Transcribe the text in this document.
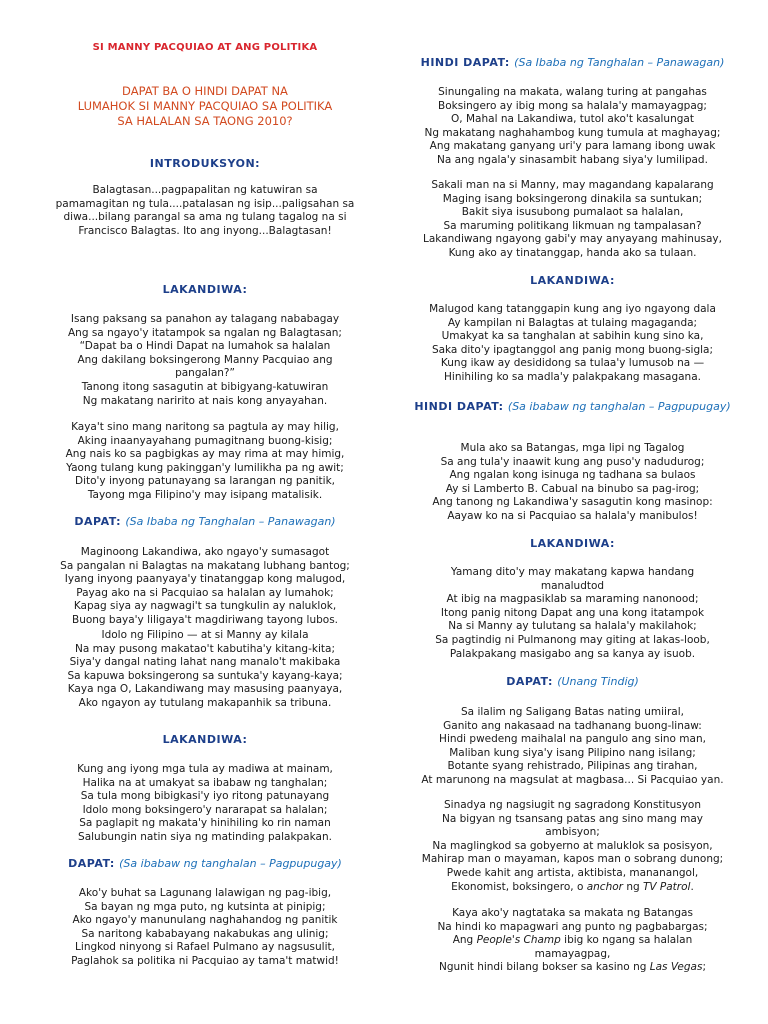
SI MANNY PACQUIAO AT ANG POLITIKA
DAPAT BA O HINDI DAPAT NA
LUMAHOK SI MANNY PACQUIAO SA POLITIKA
SA HALALAN SA TAONG 2010?
INTRODUKSYON:
Balagtasan...pagpapalitan ng katuwiran sa
pamamagitan ng tula....patalasan ng isip...paligsahan sa
diwa...bilang parangal sa ama ng tulang tagalog na si
Francisco Balagtas. Ito ang inyong...Balagtasan!
LAKANDIWA:
Isang paksang sa panahon ay talagang nababagay
Ang sa ngayo'y itatampok sa ngalan ng Balagtasan;
“Dapat ba o Hindi Dapat na lumahok sa halalan
Ang dakilang boksingerong Manny Pacquiao ang
pangalan?”
Tanong itong sasagutin at bibigyang-katuwiran
Ng makatang naririto at nais kong anyayahan.
Kaya't sino mang naritong sa pagtula ay may hilig,
Aking inaanyayahang pumagitnang buong-kisig;
Ang nais ko sa pagbigkas ay may rima at may himig,
Yaong tulang kung pakinggan'y lumilikha pa ng awit;
Dito'y inyong patunayang sa larangan ng panitik,
Tayong mga Filipino'y may isipang matalisik.
DAPAT: (Sa Ibaba ng Tanghalan – Panawagan)
Maginoong Lakandiwa, ako ngayo'y sumasagot
Sa pangalan ni Balagtas na makatang lubhang bantog;
Iyang inyong paanyaya'y tinatanggap kong malugod,
Payag ako na si Pacquiao sa halalan ay lumahok;
Kapag siya ay nagwagi't sa tungkulin ay naluklok,
Buong baya'y liligaya't magdiriwang tayong lubos.
Idolo ng Filipino — at si Manny ay kilala
Na may pusong makatao't kabutiha'y kitang-kita;
Siya'y dangal nating lahat nang manalo't makibaka
Sa kapuwa boksingerong sa suntuka'y kayang-kaya;
Kaya nga O, Lakandiwang may masusing paanyaya,
Ako ngayon ay tutulang makapanhik sa tribuna.
LAKANDIWA:
Kung ang iyong mga tula ay madiwa at mainam,
Halika na at umakyat sa ibabaw ng tanghalan;
Sa tula mong bibigkasi'y iyo ritong patunayang
Idolo mong boksingero'y nararapat sa halalan;
Sa paglapit ng makata'y hinihiling ko rin naman
Salubungin natin siya ng matinding palakpakan.
DAPAT: (Sa ibabaw ng tanghalan – Pagpupugay)
Ako'y buhat sa Lagunang lalawigan ng pag-ibig,
Sa bayan ng mga puto, ng kutsinta at pinipig;
Ako ngayo'y manunulang naghahandog ng panitik
Sa naritong kababayang nakabukas ang ulinig;
Lingkod ninyong si Rafael Pulmano ay nagsusulit,
Paglahok sa politika ni Pacquiao ay tama't matwid!
HINDI DAPAT: (Sa Ibaba ng Tanghalan – Panawagan)
Sinungaling na makata, walang turing at pangahas
Boksingero ay ibig mong sa halala'y mamayagpag;
O, Mahal na Lakandiwa, tutol ako't kasalungat
Ng makatang naghahambog kung tumula at maghayag;
Ang makatang ganyang uri'y para lamang ibong uwak
Na ang ngala'y sinasambit habang siya'y lumilipad.
Sakali man na si Manny, may magandang kapalarang
Maging isang boksingerong dinakila sa suntukan;
Bakit siya isusubong pumalaot sa halalan,
Sa maruming politikang likmuan ng tampalasan?
Lakandiwang ngayong gabi'y may anyayang mahinusay,
Kung ako ay tinatanggap, handa ako sa tulaan.
LAKANDIWA:
Malugod kang tatanggapin kung ang iyo ngayong dala
Ay kampilan ni Balagtas at tulaing magaganda;
Umakyat ka sa tanghalan at sabihin kung sino ka,
Saka dito'y ipagtanggol ang panig mong buong-sigla;
Kung ikaw ay desididong sa tulaa'y lumusob na —
Hinihiling ko sa madla'y palakpakang masagana.
HINDI DAPAT: (Sa ibabaw ng tanghalan – Pagpupugay)
Mula ako sa Batangas, mga lipi ng Tagalog
Sa ang tula'y inaawit kung ang puso'y nadudurog;
Ang ngalan kong isinuga ng tadhana sa bulaos
Ay si Lamberto B. Cabual na binubo sa pag-irog;
Ang tanong ng Lakandiwa'y sasagutin kong masinop:
Aayaw ko na si Pacquiao sa halala'y manibulos!
LAKANDIWA:
Yamang dito'y may makatang kapwa handang
manaludtod
At ibig na magpasiklab sa maraming nanonood;
Itong panig nitong Dapat ang una kong itatampok
Na si Manny ay tulutang sa halala'y makilahok;
Sa pagtindig ni Pulmanong may giting at lakas-loob,
Palakpakang masigabo ang sa kanya ay isuob.
DAPAT: (Unang Tindig)
Sa ilalim ng Saligang Batas nating umiiral,
Ganito ang nakasaad na tadhanang buong-linaw:
Hindi pwedeng maihalal na pangulo ang sino man,
Maliban kung siya'y isang Pilipino nang isilang;
Botante syang rehistrado, Pilipinas ang tirahan,
At marunong na magsulat at magbasa... Si Pacquiao yan.
Sinadya ng nagsiugit ng sagradong Konstitusyon
Na bigyan ng tsansang patas ang sino mang may
ambisyon;
Na maglingkod sa gobyerno at maluklok sa posisyon,
Mahirap man o mayaman, kapos man o sobrang dunong;
Pwede kahit ang artista, aktibista, mananangol,
Ekonomist, boksingero, o anchor ng TV Patrol.
Kaya ako'y nagtataka sa makata ng Batangas
Na hindi ko mapagwari ang punto ng pagbabargas;
Ang People's Champ ibig ko ngang sa halalan
mamayagpag,
Ngunit hindi bilang bokser sa kasino ng Las Vegas;
